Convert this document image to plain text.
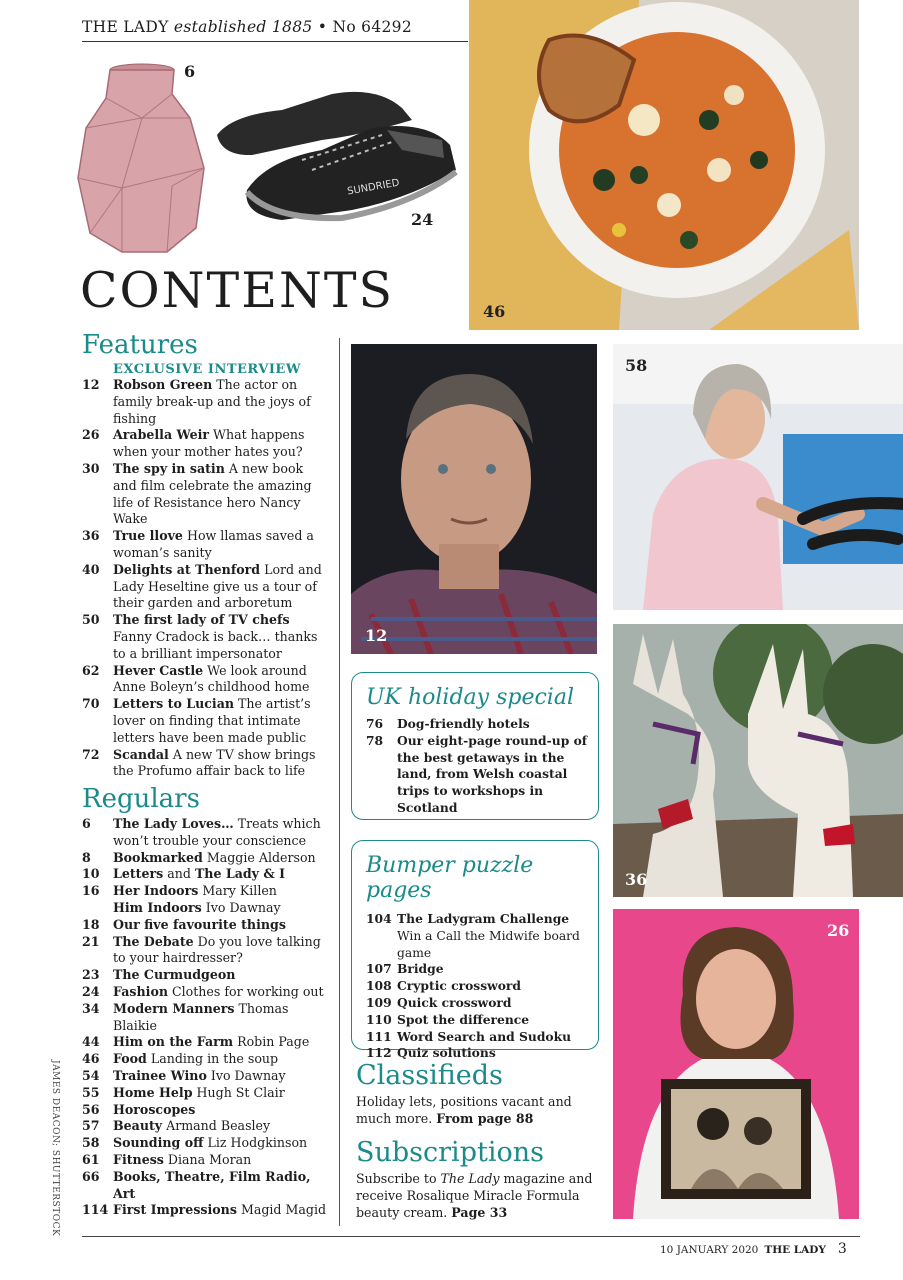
THE LADY established 1885 • No 64292
6
SUNDRIED
24
46
CONTENTS
Features
EXCLUSIVE INTERVIEW
12	Robson Green The actor on family break-up and the joys of fishing
26	Arabella Weir What happens when your mother hates you?
30	The spy in satin A new book and film celebrate the amazing life of Resistance hero Nancy Wake
36	True llove How llamas saved a woman’s sanity
40	Delights at Thenford Lord and Lady Heseltine give us a tour of their garden and arboretum
50	The first lady of TV chefs Fanny Cradock is back… thanks to a brilliant impersonator
62	Hever Castle We look around Anne Boleyn’s childhood home
70	Letters to Lucian The artist’s lover on finding that intimate letters have been made public
72	Scandal A new TV show brings the Profumo affair back to life
Regulars
6	The Lady Loves… Treats which won’t trouble your conscience
8	Bookmarked Maggie Alderson
10	Letters and The Lady & I
16	Her Indoors Mary Killen
Him Indoors Ivo Dawnay
18	Our five favourite things
21	The Debate Do you love talking to your hairdresser?
23	The Curmudgeon
24	Fashion Clothes for working out
34	Modern Manners Thomas Blaikie
44	Him on the Farm Robin Page
46	Food Landing in the soup
54	Trainee Wino Ivo Dawnay
55	Home Help Hugh St Clair
56	Horoscopes
57	Beauty Armand Beasley
58	Sounding off Liz Hodgkinson
61	Fitness Diana Moran
66	Books, Theatre, Film Radio, Art
114 First Impressions Magid Magid
12
58
UK holiday special
76	Dog-friendly hotels
78	Our eight-page round-up of the best getaways in the land, from Welsh coastal trips to workshops in Scotland
Bumper puzzle pages
104 The Ladygram Challenge
Win a Call the Midwife board game
107 Bridge
108 Cryptic crossword
109 Quick crossword
110 Spot the difference
111 Word Search and Sudoku
112 Quiz solutions
36
26
Classifieds
Holiday lets, positions vacant and much more. From page 88
Subscriptions
Subscribe to The Lady magazine and receive Rosalique Miracle Formula beauty cream. Page 33
JAMES DEACON; SHUTTERSTOCK
10 JANUARY 2020 THE LADY 3
